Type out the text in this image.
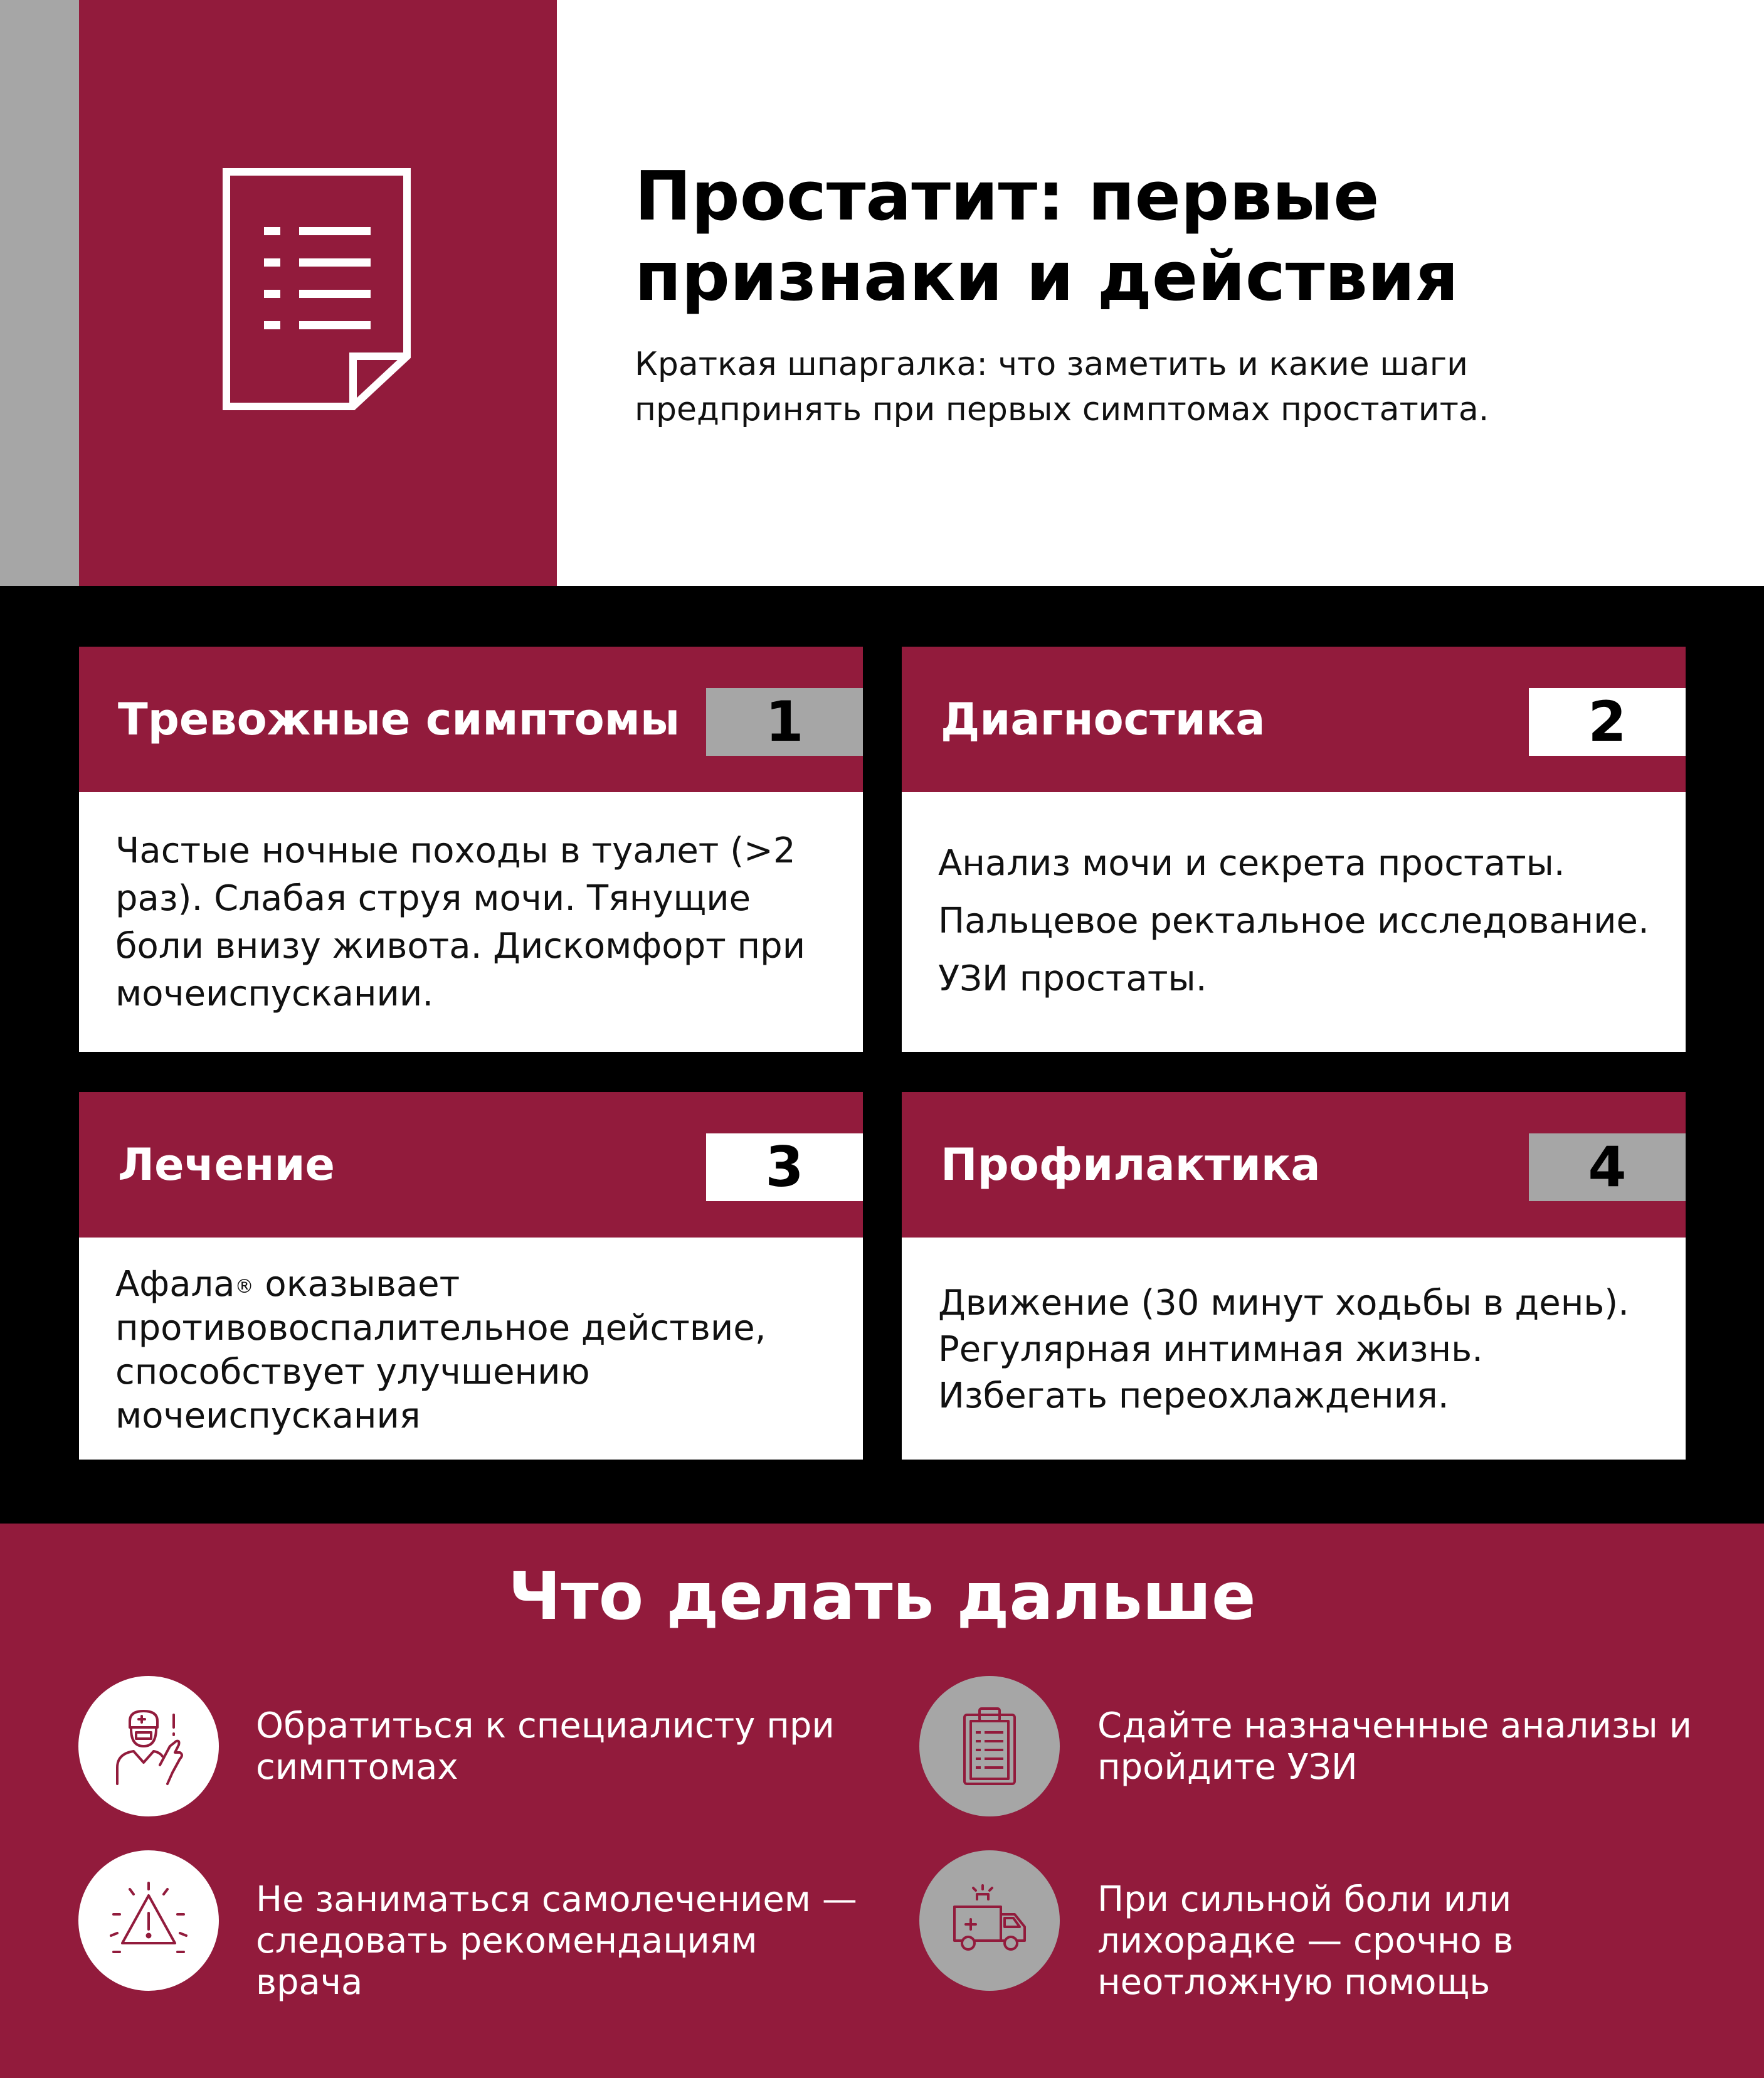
Простатит: первые признаки и действия

Краткая шпаргалка: что заметить и какие шаги предпринять при первых симптомах простатита.

Тревожные симптомы	1

Частые ночные походы в туалет (>2 раз). Слабая струя мочи. Тянущие боли внизу живота. Дискомфорт при мочеиспускании.

Диагностика	2

Анализ мочи и секрета простаты.

Пальцевое ректальное исследование.

УЗИ простаты.

Лечение	3

Афала® оказывает противовоспалительное действие, способствует улучшению мочеиспускания

Профилактика	4

Движение (30 минут ходьбы в день).

Регулярная интимная жизнь.

Избегать переохлаждения.

Что делать дальше

Обратиться к специалисту при симптомах

Сдайте назначенные анализы и пройдите УЗИ

Не заниматься самолечением — следовать рекомендациям врача

При сильной боли или лихорадке — срочно в неотложную помощь
